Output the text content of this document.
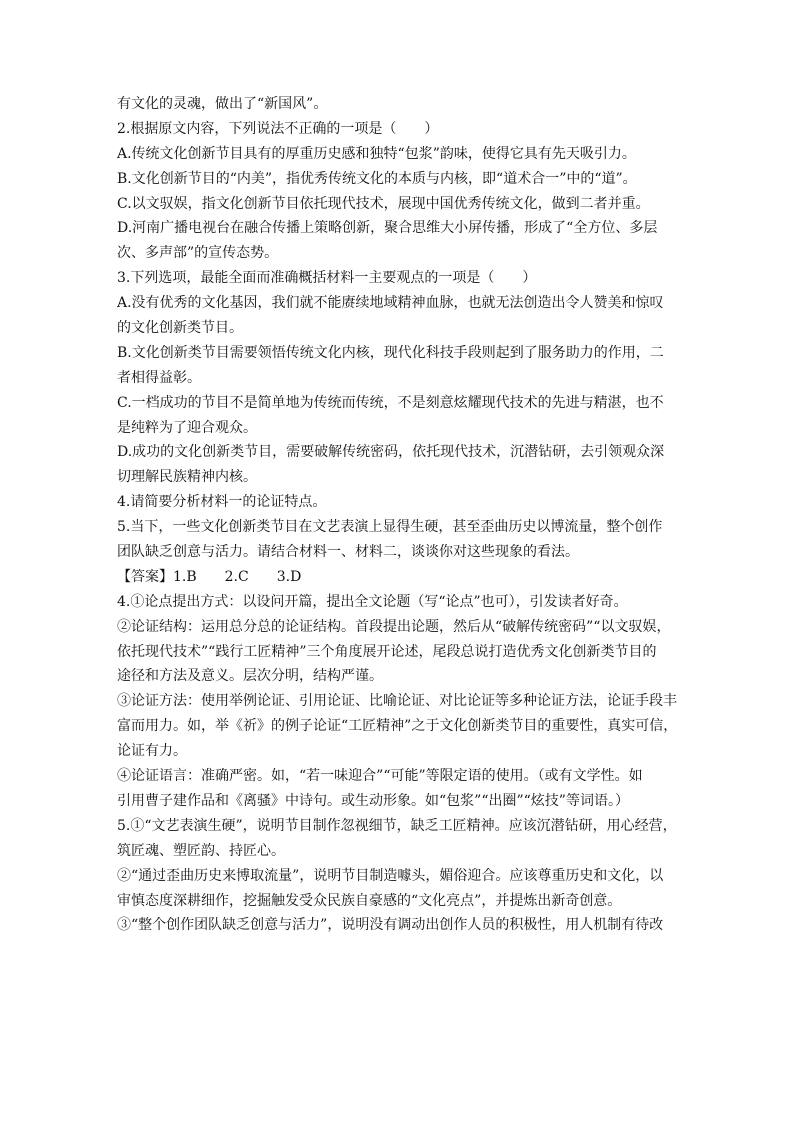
有文化的灵魂，做出了“新国风”。
2.根据原文内容，下列说法不正确的一项是（　　）
A.传统文化创新节目具有的厚重历史感和独特“包浆”韵味，使得它具有先天吸引力。
B.文化创新节目的“内美”，指优秀传统文化的本质与内核，即“道术合一”中的“道”。
C.以文驭娱，指文化创新节目依托现代技术，展现中国优秀传统文化，做到二者并重。
D.河南广播电视台在融合传播上策略创新，聚合思维大小屏传播，形成了“全方位、多层
次、多声部”的宣传态势。
3.下列选项，最能全面而准确概括材料一主要观点的一项是（　　）
A.没有优秀的文化基因，我们就不能赓续地域精神血脉，也就无法创造出令人赞美和惊叹
的文化创新类节目。
B.文化创新类节目需要领悟传统文化内核，现代化科技手段则起到了服务助力的作用，二
者相得益彰。
C.一档成功的节目不是简单地为传统而传统，不是刻意炫耀现代技术的先进与精湛，也不
是纯粹为了迎合观众。
D.成功的文化创新类节目，需要破解传统密码，依托现代技术，沉潜钻研，去引领观众深
切理解民族精神内核。
4.请简要分析材料一的论证特点。
5.当下，一些文化创新类节目在文艺表演上显得生硬，甚至歪曲历史以博流量，整个创作
团队缺乏创意与活力。请结合材料一、材料二，谈谈你对这些现象的看法。
【答案】1.B　　2.C　　3.D
4.①论点提出方式：以设问开篇，提出全文论题（写“论点”也可），引发读者好奇。
②论证结构：运用总分总的论证结构。首段提出论题，然后从“破解传统密码”“以文驭娱，
依托现代技术”“践行工匠精神”三个角度展开论述，尾段总说打造优秀文化创新类节目的
途径和方法及意义。层次分明，结构严谨。
③论证方法：使用举例论证、引用论证、比喻论证、对比论证等多种论证方法，论证手段丰
富而用力。如，举《祈》的例子论证“工匠精神”之于文化创新类节目的重要性，真实可信，
论证有力。
④论证语言：准确严密。如，“若一味迎合”“可能”等限定语的使用。（或有文学性。如
引用曹子建作品和《离骚》中诗句。或生动形象。如“包浆”“出圈”“炫技”等词语。）
5.①“文艺表演生硬”，说明节目制作忽视细节，缺乏工匠精神。应该沉潜钻研，用心经营，
筑匠魂、塑匠韵、持匠心。
②“通过歪曲历史来博取流量”，说明节目制造噱头，媚俗迎合。应该尊重历史和文化，以
审慎态度深耕细作，挖掘触发受众民族自豪感的“文化亮点”，并提炼出新奇创意。
③“整个创作团队缺乏创意与活力”，说明没有调动出创作人员的积极性，用人机制有待改
